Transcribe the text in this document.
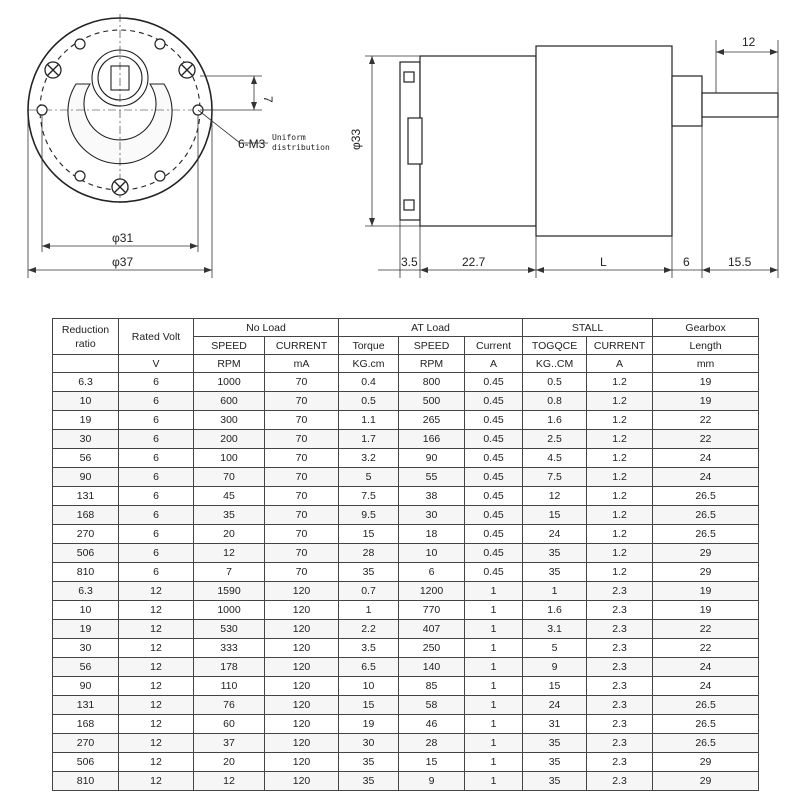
φ31
φ37
7
6-M3 Uniform
distribution φ33
12
3.5	22.7	L	6	15.5
Reduction ratio	Rated Volt	No Load		AT Load			STALL		Gearbox
		SPEED	CURRENT	Torque	SPEED	Current	TOGQCE	CURRENT	Length
	V	RPM	mA	KG.cm	RPM	A	KG..CM	A	mm
6.3	6	1000	70	0.4	800	0.45	0.5	1.2	19
10	6	600	70	0.5	500	0.45	0.8	1.2	19
19	6	300	70	1.1	265	0.45	1.6	1.2	22
30	6	200	70	1.7	166	0.45	2.5	1.2	22
56	6	100	70	3.2	90	0.45	4.5	1.2	24
90	6	70	70	5	55	0.45	7.5	1.2	24
131	6	45	70	7.5	38	0.45	12	1.2	26.5
168	6	35	70	9.5	30	0.45	15	1.2	26.5
270	6	20	70	15	18	0.45	24	1.2	26.5
506	6	12	70	28	10	0.45	35	1.2	29
810	6	7	70	35	6	0.45	35	1.2	29
6.3	12	1590	120	0.7	1200	1	1	2.3	19
10	12	1000	120	1	770	1	1.6	2.3	19
19	12	530	120	2.2	407	1	3.1	2.3	22
30	12	333	120	3.5	250	1	5	2.3	22
56	12	178	120	6.5	140	1	9	2.3	24
90	12	110	120	10	85	1	15	2.3	24
131	12	76	120	15	58	1	24	2.3	26.5
168	12	60	120	19	46	1	31	2.3	26.5
270	12	37	120	30	28	1	35	2.3	26.5
506	12	20	120	35	15	1	35	2.3	29
810	12	12	120	35	9	1	35	2.3	29
